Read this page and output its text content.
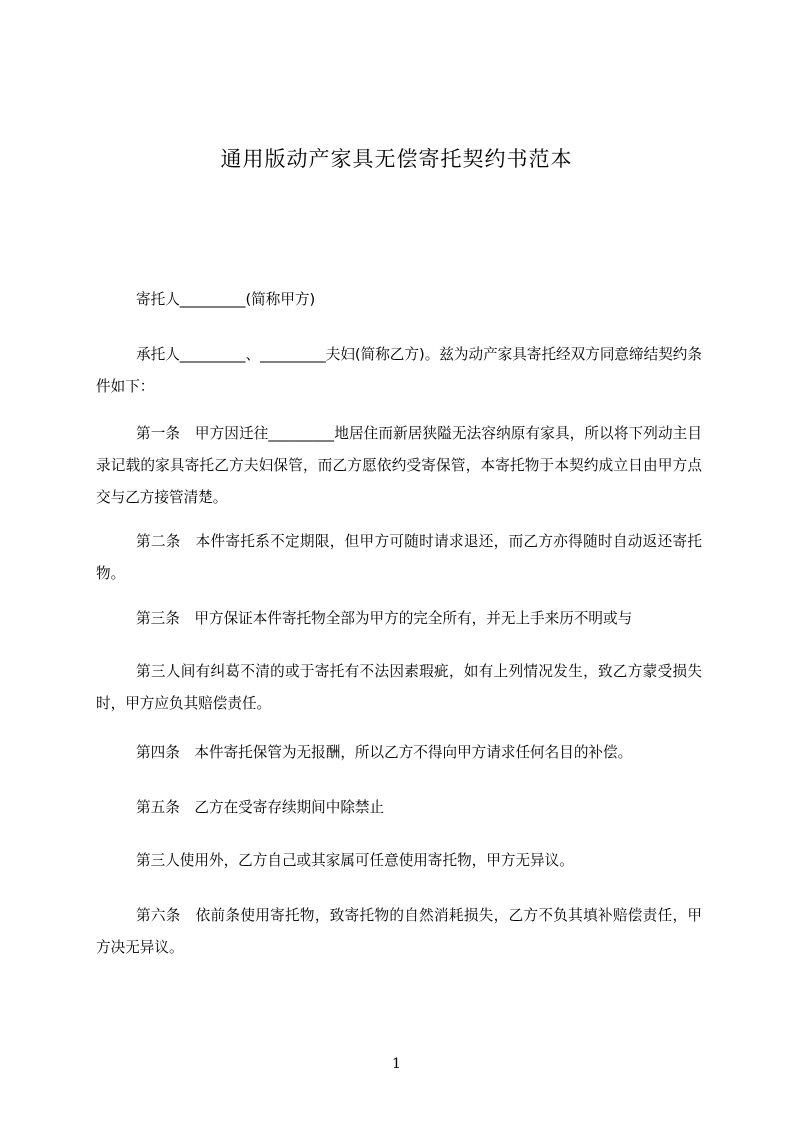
通用版动产家具无偿寄托契约书范本

寄托人_________(简称甲方)

承托人_________、_________夫妇(简称乙方)。兹为动产家具寄托经双方同意缔结契约条件如下：

第一条　甲方因迁往_________地居住而新居狭隘无法容纳原有家具，所以将下列动主目录记载的家具寄托乙方夫妇保管，而乙方愿依约受寄保管，本寄托物于本契约成立日由甲方点交与乙方接管清楚。

第二条　本件寄托系不定期限，但甲方可随时请求退还，而乙方亦得随时自动返还寄托物。

第三条　甲方保证本件寄托物全部为甲方的完全所有，并无上手来历不明或与

第三人间有纠葛不清的或于寄托有不法因素瑕疵，如有上列情况发生，致乙方蒙受损失时，甲方应负其赔偿责任。

第四条　本件寄托保管为无报酬，所以乙方不得向甲方请求任何名目的补偿。

第五条　乙方在受寄存续期间中除禁止

第三人使用外，乙方自己或其家属可任意使用寄托物，甲方无异议。

第六条　依前条使用寄托物，致寄托物的自然消耗损失，乙方不负其填补赔偿责任，甲方决无异议。

1
